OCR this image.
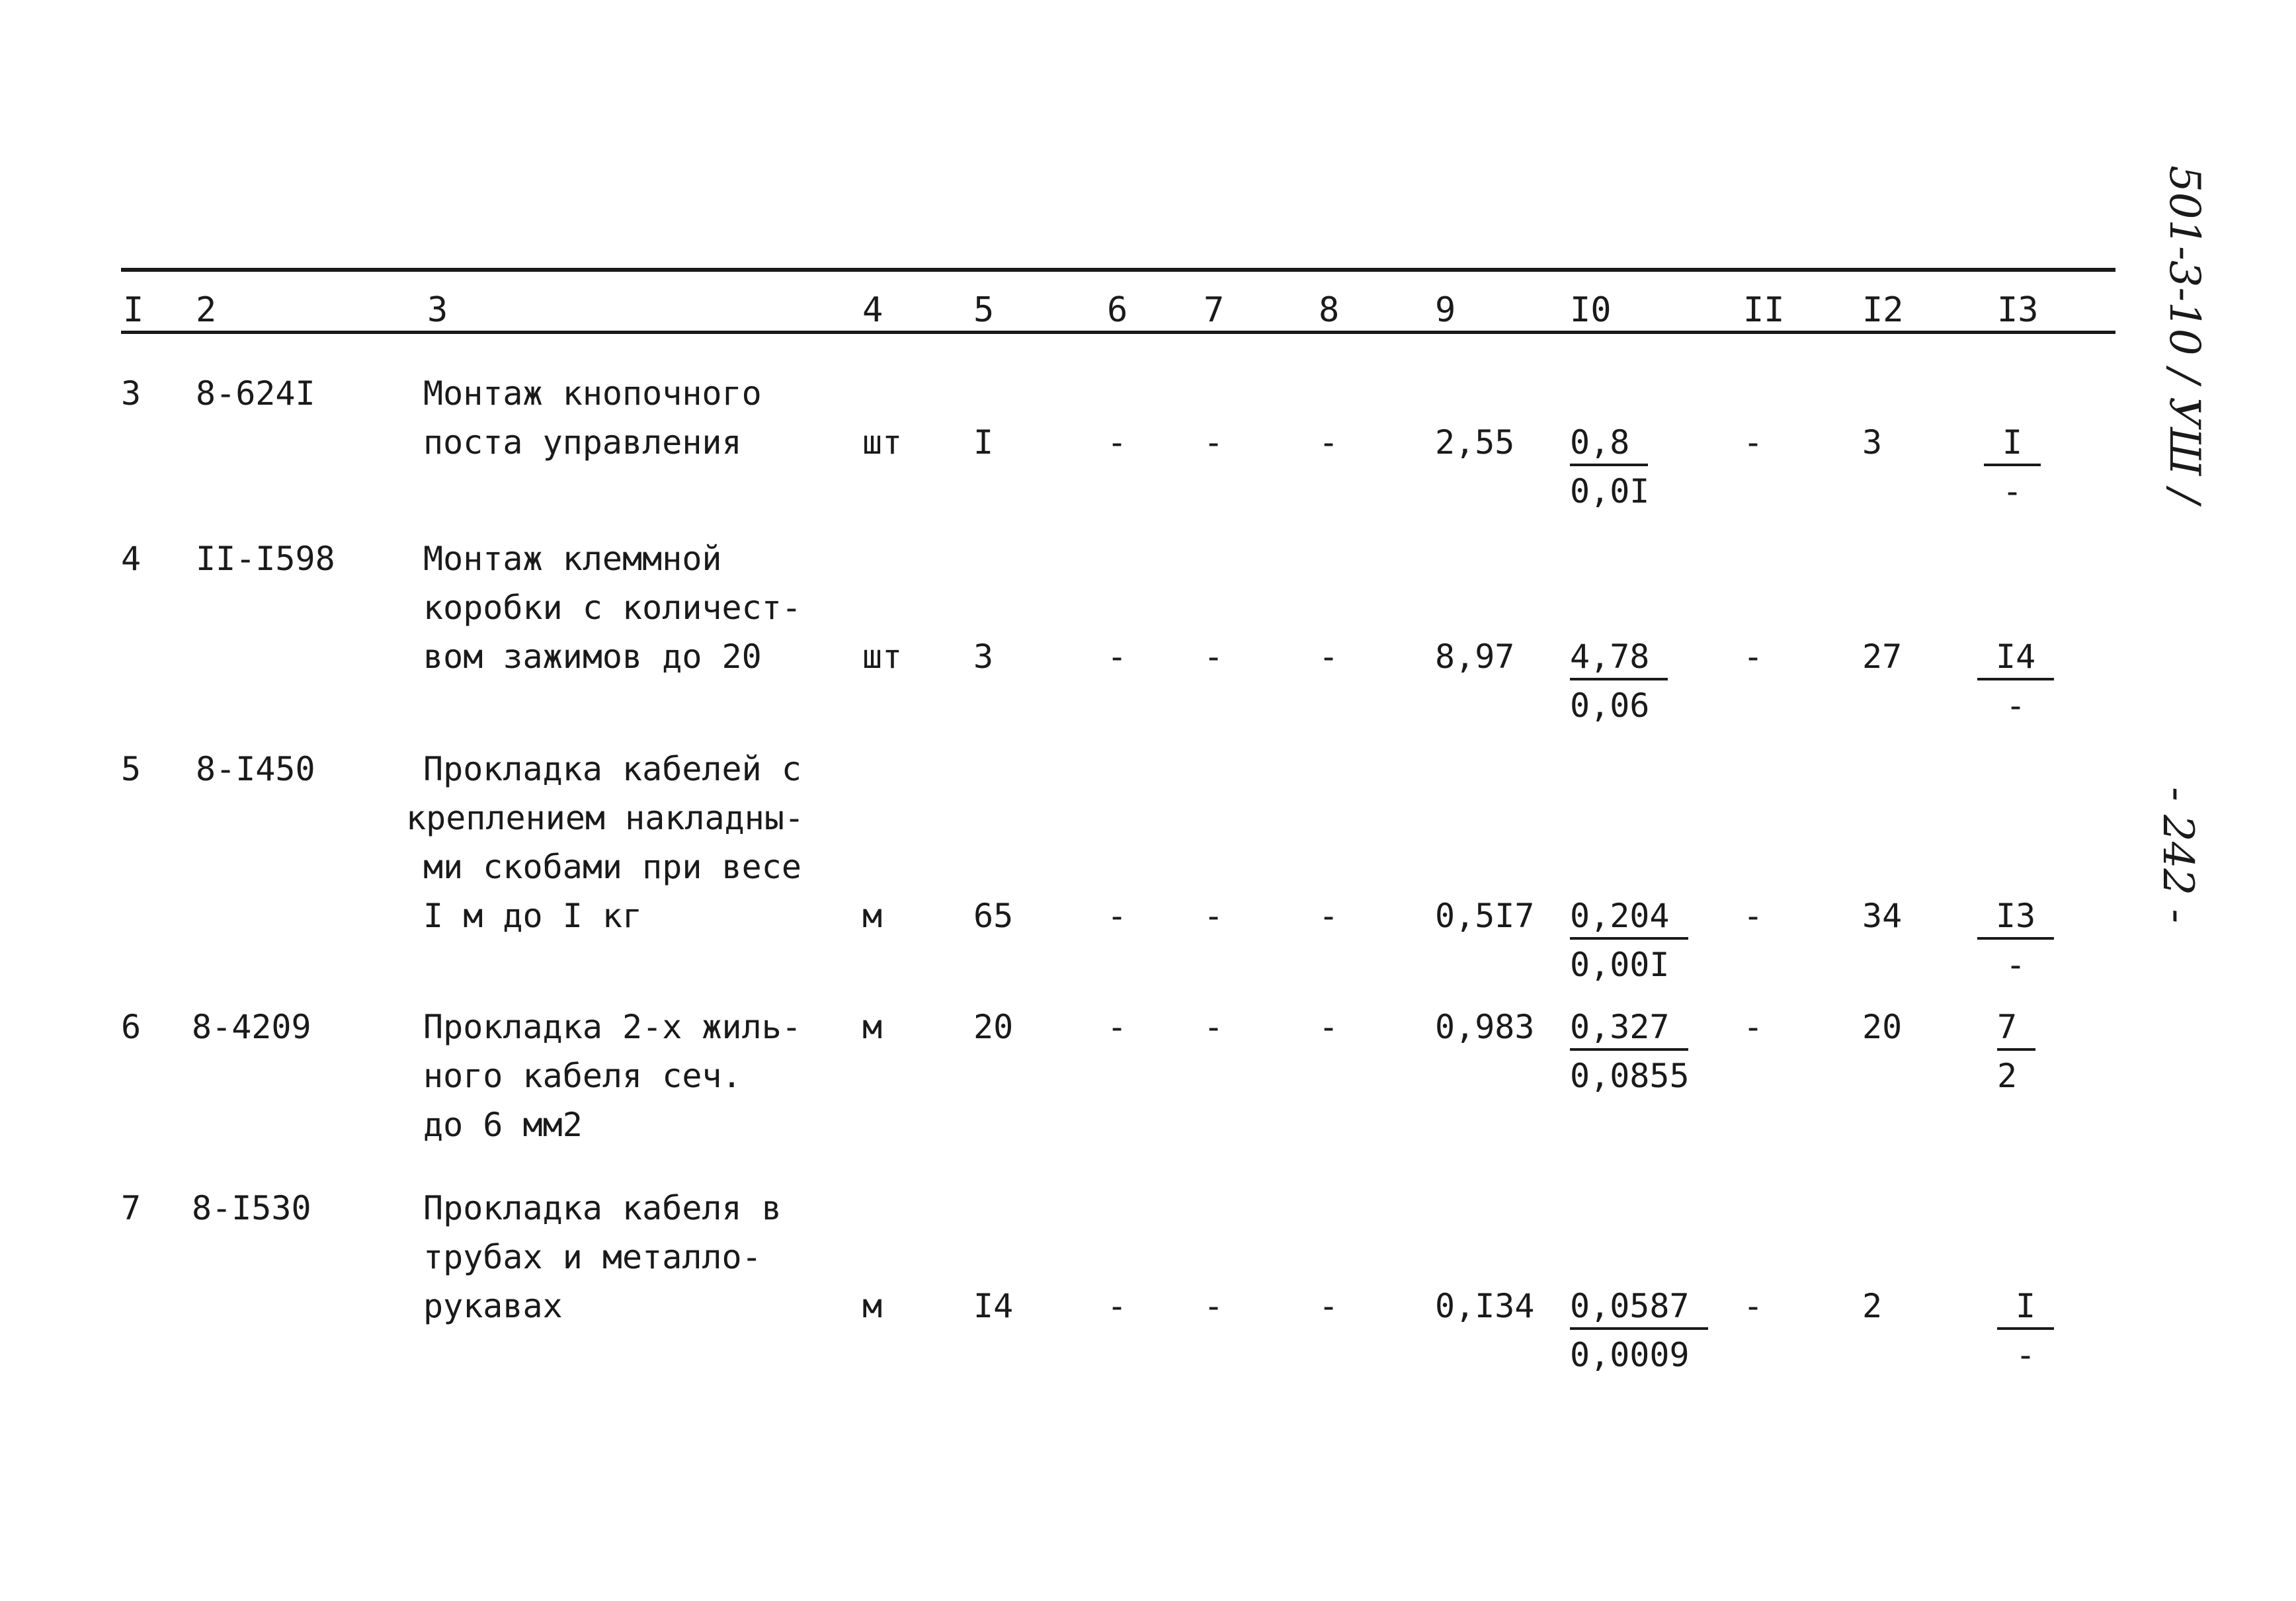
I 2	3	4	5	6 7	8	9	I0	II I2	I3
3 8-624I	Монтаж кнопочного
поста управления	шт I	- -	-	$2,55 \frac{0,8}{0,0I}$	-	3	I
-
4 II-I598	Монтаж клеммной
коробки с количест-
вом зажимов до 20	шт 3	- -	-	$8,97 \frac{4,78}{0,06}$ -	27	I4
-
5 8-I450	Прокладка кабелей с
креплением накладны-
ми скобами при весе
I м до I кг	м	65	- -	-	$0,5I7 \frac{0,204}{0,00I}$ -	34	I3
-
6 8-4209	Прокладка 2-х жиль-
ного кабеля сеч.
до 6 мм2
м	20	- -	-	$0,983 \frac{0,327}{0,0855}$ -	20	$\frac{7}{2}$
7 8-I530	Прокладка кабеля в
трубах и металло-
рукавах	м	I4	- -	-	$0,I34 \frac{0,0587}{0,0009}$ -	2	I
-
501-3-10 / УШ /
- 242 -
